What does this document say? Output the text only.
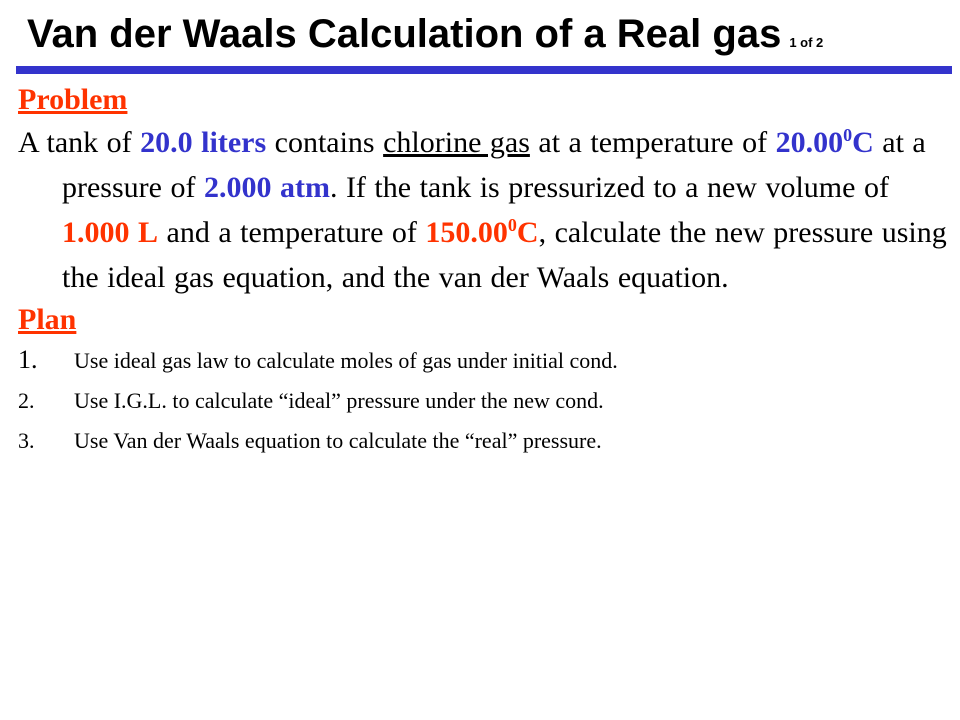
Van der Waals Calculation of a Real gas 1 of 2

Problem

A tank of 20.0 liters contains chlorine gas at a temperature of 20.00$^0$C at a pressure of 2.000 atm. If the tank is pressurized to a new volume of 1.000 L and a temperature of 150.00$^0$C, calculate the new pressure using the ideal gas equation, and the van der Waals equation.

Plan

1.	Use ideal gas law to calculate moles of gas under initial cond.
2.	Use I.G.L. to calculate “ideal” pressure under the new cond.
3.	Use Van der Waals equation to calculate the “real” pressure.
